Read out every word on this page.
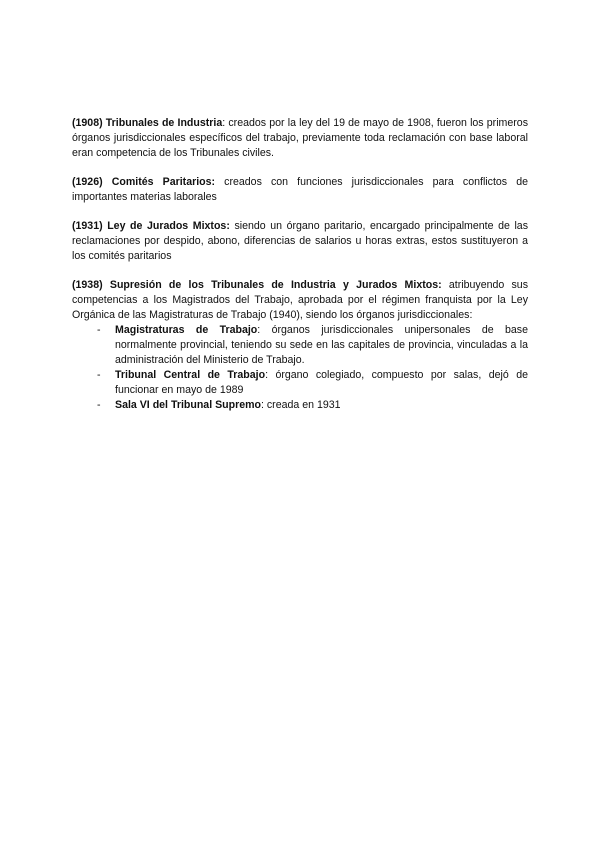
(1908) Tribunales de Industria: creados por la ley del 19 de mayo de 1908, fueron los primeros órganos jurisdiccionales específicos del trabajo, previamente toda reclamación con base laboral eran competencia de los Tribunales civiles.

(1926) Comités Paritarios: creados con funciones jurisdiccionales para conflictos de importantes materias laborales

(1931) Ley de Jurados Mixtos: siendo un órgano paritario, encargado principalmente de las reclamaciones por despido, abono, diferencias de salarios u horas extras, estos sustituyeron a los comités paritarios

(1938) Supresión de los Tribunales de Industria y Jurados Mixtos: atribuyendo sus competencias a los Magistrados del Trabajo, aprobada por el régimen franquista por la Ley Orgánica de las Magistraturas de Trabajo (1940), siendo los órganos jurisdiccionales:

- Magistraturas de Trabajo: órganos jurisdiccionales unipersonales de base normalmente provincial, teniendo su sede en las capitales de provincia, vinculadas a la administración del Ministerio de Trabajo.
- Tribunal Central de Trabajo: órgano colegiado, compuesto por salas, dejó de funcionar en mayo de 1989
- Sala VI del Tribunal Supremo: creada en 1931
